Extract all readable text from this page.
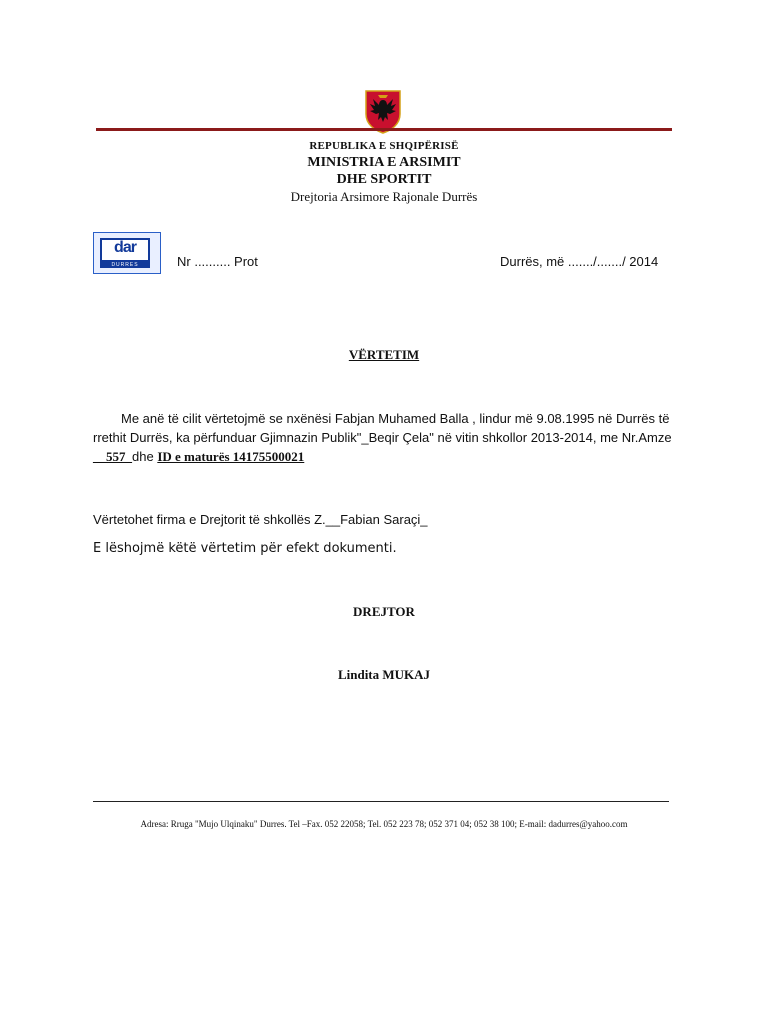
REPUBLIKA E SHQIPËRISË
MINISTRIA E ARSIMIT
DHE SPORTIT
Drejtoria Arsimore Rajonale Durrës
dar
DURRES	Nr .......... Prot	Durrës, më ......./......./ 2014
VËRTETIM
Me anë të cilit vërtetojmë se nxënësi Fabjan Muhamed Balla , lindur më 9.08.1995 në Durrës të rrethit Durrës, ka përfunduar Gjimnazin Publik"_Beqir Çela" në vitin shkollor 2013-2014, me Nr.Amze __557_dhe ID e maturës 14175500021
Vërtetohet firma e Drejtorit të shkollës Z.__Fabian Saraçi_
E lëshojmë këtë vërtetim për efekt dokumenti.
DREJTOR
Lindita MUKAJ
Adresa: Rruga "Mujo Ulqinaku" Durres. Tel –Fax. 052 22058; Tel. 052 223 78; 052 371 04; 052 38 100; E-mail: dadurres@yahoo.com
